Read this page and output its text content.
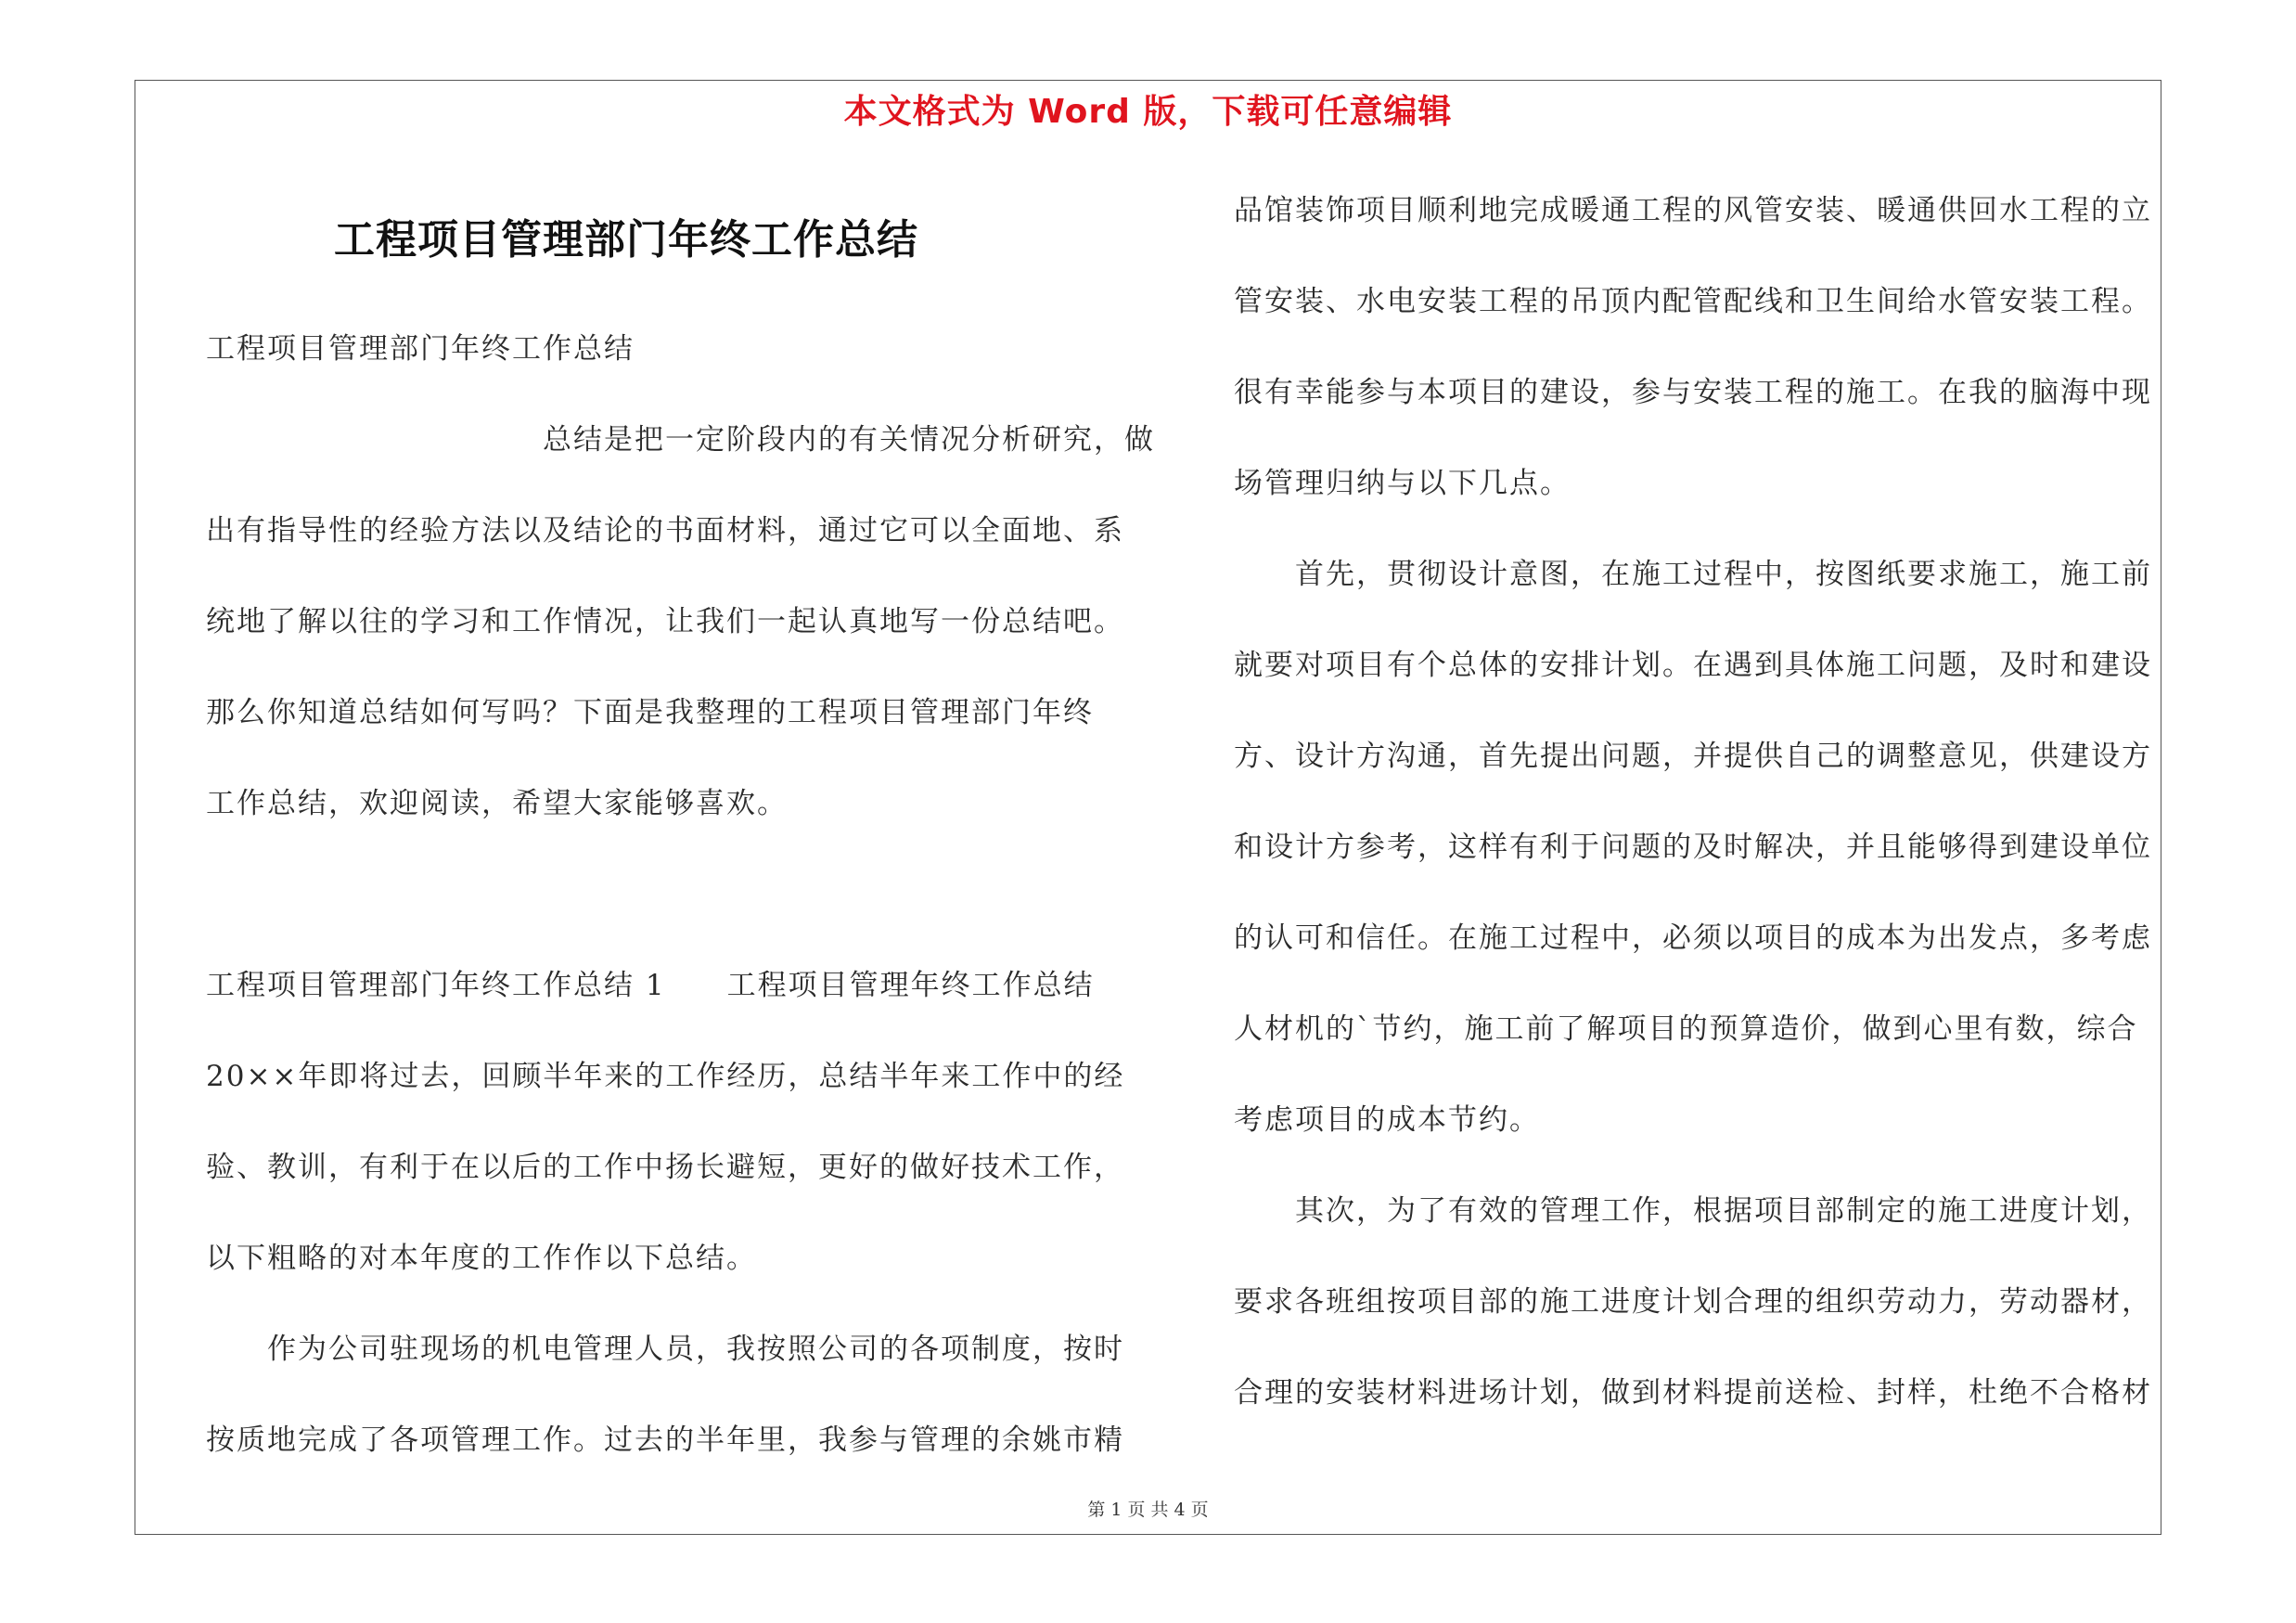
本文格式为 Word 版，下载可任意编辑
工程项目管理部门年终工作总结
工程项目管理部门年终工作总结
　　　　　　　　　　　总结是把一定阶段内的有关情况分析研究，做
出有指导性的经验方法以及结论的书面材料，通过它可以全面地、系
统地了解以往的学习和工作情况，让我们一起认真地写一份总结吧。
那么你知道总结如何写吗？下面是我整理的工程项目管理部门年终
工作总结，欢迎阅读，希望大家能够喜欢。
工程项目管理部门年终工作总结 1　　工程项目管理年终工作总结
20××年即将过去，回顾半年来的工作经历，总结半年来工作中的经
验、教训，有利于在以后的工作中扬长避短，更好的做好技术工作，
以下粗略的对本年度的工作作以下总结。
　　作为公司驻现场的机电管理人员，我按照公司的各项制度，按时
按质地完成了各项管理工作。过去的半年里，我参与管理的余姚市精
品馆装饰项目顺利地完成暖通工程的风管安装、暖通供回水工程的立
管安装、水电安装工程的吊顶内配管配线和卫生间给水管安装工程。
很有幸能参与本项目的建设，参与安装工程的施工。在我的脑海中现
场管理归纳与以下几点。
　　首先，贯彻设计意图，在施工过程中，按图纸要求施工，施工前
就要对项目有个总体的安排计划。在遇到具体施工问题，及时和建设
方、设计方沟通，首先提出问题，并提供自己的调整意见，供建设方
和设计方参考，这样有利于问题的及时解决，并且能够得到建设单位
的认可和信任。在施工过程中，必须以项目的成本为出发点，多考虑
人材机的`节约，施工前了解项目的预算造价，做到心里有数，综合
考虑项目的成本节约。
　　其次，为了有效的管理工作，根据项目部制定的施工进度计划，
要求各班组按项目部的施工进度计划合理的组织劳动力，劳动器材，
合理的安装材料进场计划，做到材料提前送检、封样，杜绝不合格材
第 1 页 共 4 页
